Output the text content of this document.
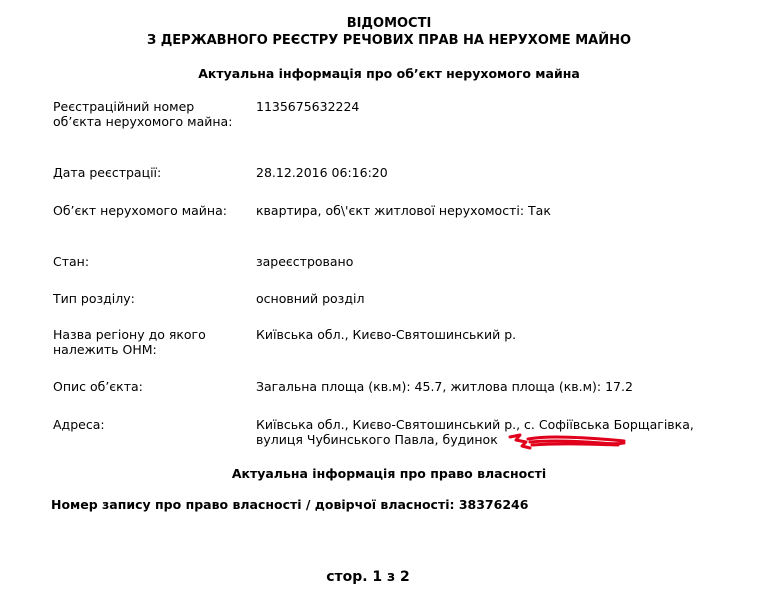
ВІДОМОСТІ
З ДЕРЖАВНОГО РЕЄСТРУ РЕЧОВИХ ПРАВ НА НЕРУХОМЕ МАЙНО
Актуальна інформація про об’єкт нерухомого майна
Реєстраційний номер об’єкта нерухомого майна:
1135675632224
Дата реєстрації:	28.12.2016 06:16:20
Об’єкт нерухомого майна:	квартира, об\'єкт житлової нерухомості: Так
Стан:	зареєстровано
Тип розділу:	основний розділ
Назва регіону до якого належить ОНМ:
Київська обл., Києво-Святошинський р.
Опис об’єкта:	Загальна площа (кв.м): 45.7, житлова площа (кв.м): 17.2
Адреса:	Київська обл., Києво-Святошинський р., с. Софіївська Борщагівка, вулиця Чубинського Павла, будинок
Актуальна інформація про право власності
Номер запису про право власності / довірчої власності: 38376246
стор. 1 з 2
